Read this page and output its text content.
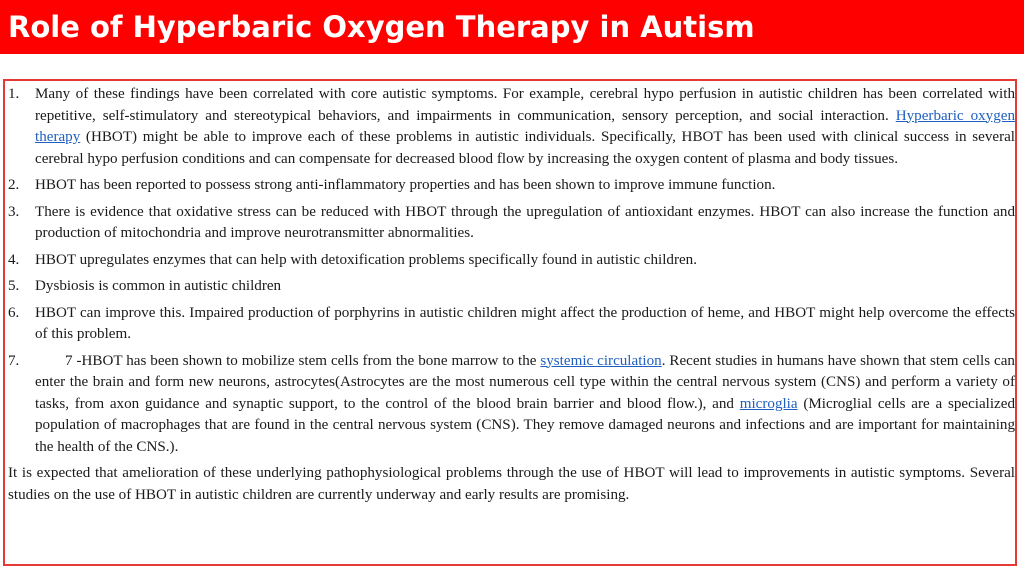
Role of Hyperbaric Oxygen Therapy in Autism
1.	Many of these findings have been correlated with core autistic symptoms. For example, cerebral hypo perfusion in autistic children has been correlated with repetitive, self-stimulatory and stereotypical behaviors, and impairments in communication, sensory perception, and social interaction. Hyperbaric oxygen therapy (HBOT) might be able to improve each of these problems in autistic individuals. Specifically, HBOT has been used with clinical success in several cerebral hypo perfusion conditions and can compensate for decreased blood flow by increasing the oxygen content of plasma and body tissues.
2.	HBOT has been reported to possess strong anti-inflammatory properties and has been shown to improve immune function.
3.	There is evidence that oxidative stress can be reduced with HBOT through the upregulation of antioxidant enzymes. HBOT can also increase the function and production of mitochondria and improve neurotransmitter abnormalities.
4.	HBOT upregulates enzymes that can help with detoxification problems specifically found in autistic children.
5.	Dysbiosis is common in autistic children
6.	HBOT can improve this. Impaired production of porphyrins in autistic children might affect the production of heme, and HBOT might help overcome the effects of this problem.
7.	7 -HBOT has been shown to mobilize stem cells from the bone marrow to the systemic circulation. Recent studies in humans have shown that stem cells can enter the brain and form new neurons, astrocytes(Astrocytes are the most numerous cell type within the central nervous system (CNS) and perform a variety of tasks, from axon guidance and synaptic support, to the control of the blood brain barrier and blood flow.), and microglia (Microglial cells are a specialized population of macrophages that are found in the central nervous system (CNS). They remove damaged neurons and infections and are important for maintaining the health of the CNS.).
It is expected that amelioration of these underlying pathophysiological problems through the use of HBOT will lead to improvements in autistic symptoms. Several studies on the use of HBOT in autistic children are currently underway and early results are promising.
